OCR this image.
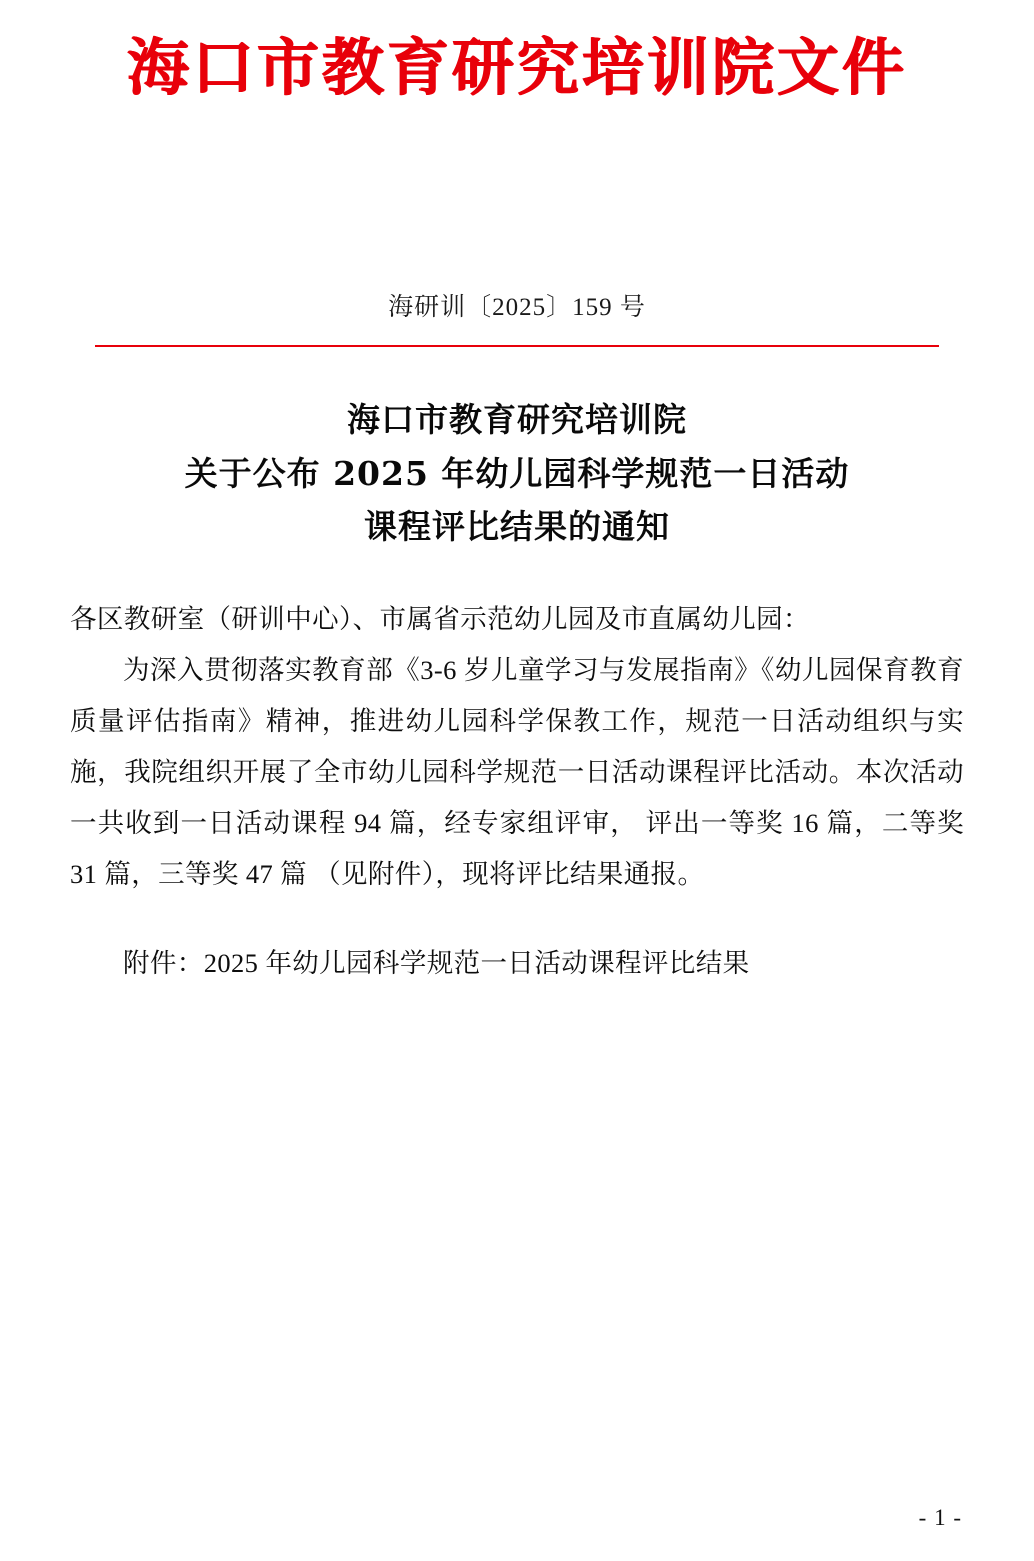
海口市教育研究培训院文件
海研训〔2025〕159 号
海口市教育研究培训院
关于公布 2025 年幼儿园科学规范一日活动
课程评比结果的通知

各区教研室（研训中心）、市属省示范幼儿园及市直属幼儿园：

为深入贯彻落实教育部《3-6 岁儿童学习与发展指南》《幼儿园保育教育质量评估指南》精神，推进幼儿园科学保教工作，规范一日活动组织与实施，我院组织开展了全市幼儿园科学规范一日活动课程评比活动。本次活动一共收到一日活动课程 94 篇，经专家组评审， 评出一等奖 16 篇，二等奖 31 篇，三等奖 47 篇 （见附件），现将评比结果通报。

附件：2025 年幼儿园科学规范一日活动课程评比结果

- 1 -
